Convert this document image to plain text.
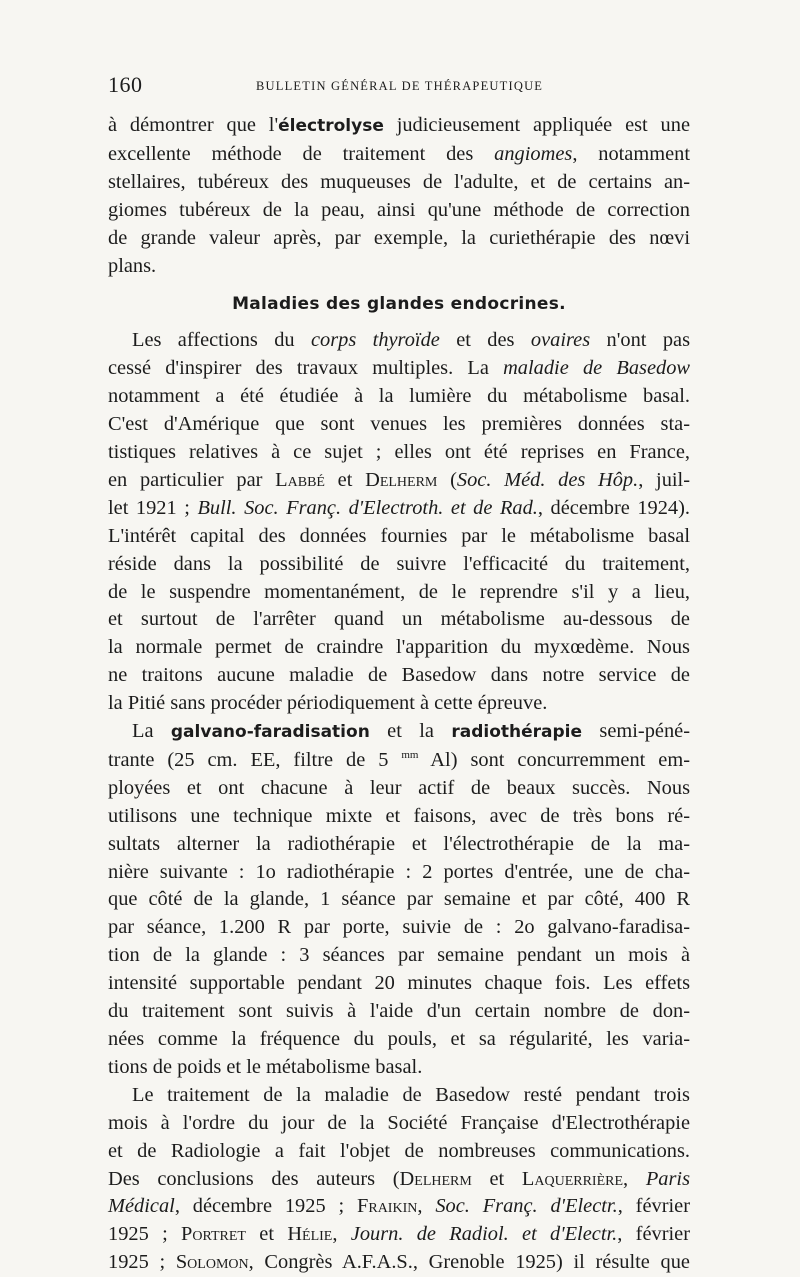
160	BULLETIN GÉNÉRAL DE THÉRAPEUTIQUE
à démontrer que l'électrolyse judicieusement appliquée est une
excellente méthode de traitement des angiomes, notamment
stellaires, tubéreux des muqueuses de l'adulte, et de certains an-
giomes tubéreux de la peau, ainsi qu'une méthode de correction
de grande valeur après, par exemple, la curiethérapie des nœvi
plans.
Maladies des glandes endocrines.
Les affections du corps thyroïde et des ovaires n'ont pas
cessé d'inspirer des travaux multiples. La maladie de Basedow
notamment a été étudiée à la lumière du métabolisme basal.
C'est d'Amérique que sont venues les premières données sta-
tistiques relatives à ce sujet ; elles ont été reprises en France,
en particulier par Labbé et Delherm (Soc. Méd. des Hôp., juil-
let 1921 ; Bull. Soc. Franç. d'Electroth. et de Rad., décembre 1924).
L'intérêt capital des données fournies par le métabolisme basal
réside dans la possibilité de suivre l'efficacité du traitement,
de le suspendre momentanément, de le reprendre s'il y a lieu,
et surtout de l'arrêter quand un métabolisme au-dessous de
la normale permet de craindre l'apparition du myxœdème. Nous
ne traitons aucune maladie de Basedow dans notre service de
la Pitié sans procéder périodiquement à cette épreuve.
La galvano-faradisation et la radiothérapie semi-péné-
trante (25 cm. EE, filtre de 5 $^{mm}$ Al) sont concurremment em-
ployées et ont chacune à leur actif de beaux succès. Nous
utilisons une technique mixte et faisons, avec de très bons ré-
sultats alterner la radiothérapie et l'électrothérapie de la ma-
nière suivante : 1o radiothérapie : 2 portes d'entrée, une de cha-
que côté de la glande, 1 séance par semaine et par côté, 400 R
par séance, 1.200 R par porte, suivie de : 2o galvano-faradisa-
tion de la glande : 3 séances par semaine pendant un mois à
intensité supportable pendant 20 minutes chaque fois. Les effets
du traitement sont suivis à l'aide d'un certain nombre de don-
nées comme la fréquence du pouls, et sa régularité, les varia-
tions de poids et le métabolisme basal.
Le traitement de la maladie de Basedow resté pendant trois
mois à l'ordre du jour de la Société Française d'Electrothérapie
et de Radiologie a fait l'objet de nombreuses communications.
Des conclusions des auteurs (Delherm et Laquerrière, Paris
Médical, décembre 1925 ; Fraikin, Soc. Franç. d'Electr., février
1925 ; Portret et Hélie, Journ. de Radiol. et d'Electr., février
1925 ; Solomon, Congrès A.F.A.S., Grenoble 1925) il résulte que
